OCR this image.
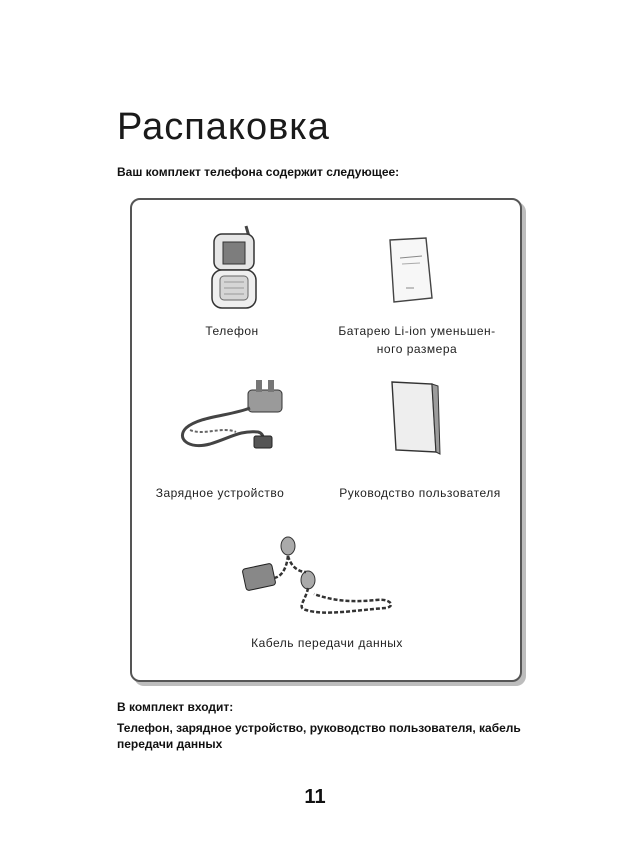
Распаковка
Ваш комплект телефона содержит следующее:
Телефон	Батарею Li-ion уменьшен-
ного размера
Зарядное устройство	Руководство пользователя
Кабель передачи данных
В комплект входит:
Телефон, зарядное устройство, руководство пользователя, кабель передачи данных
11
